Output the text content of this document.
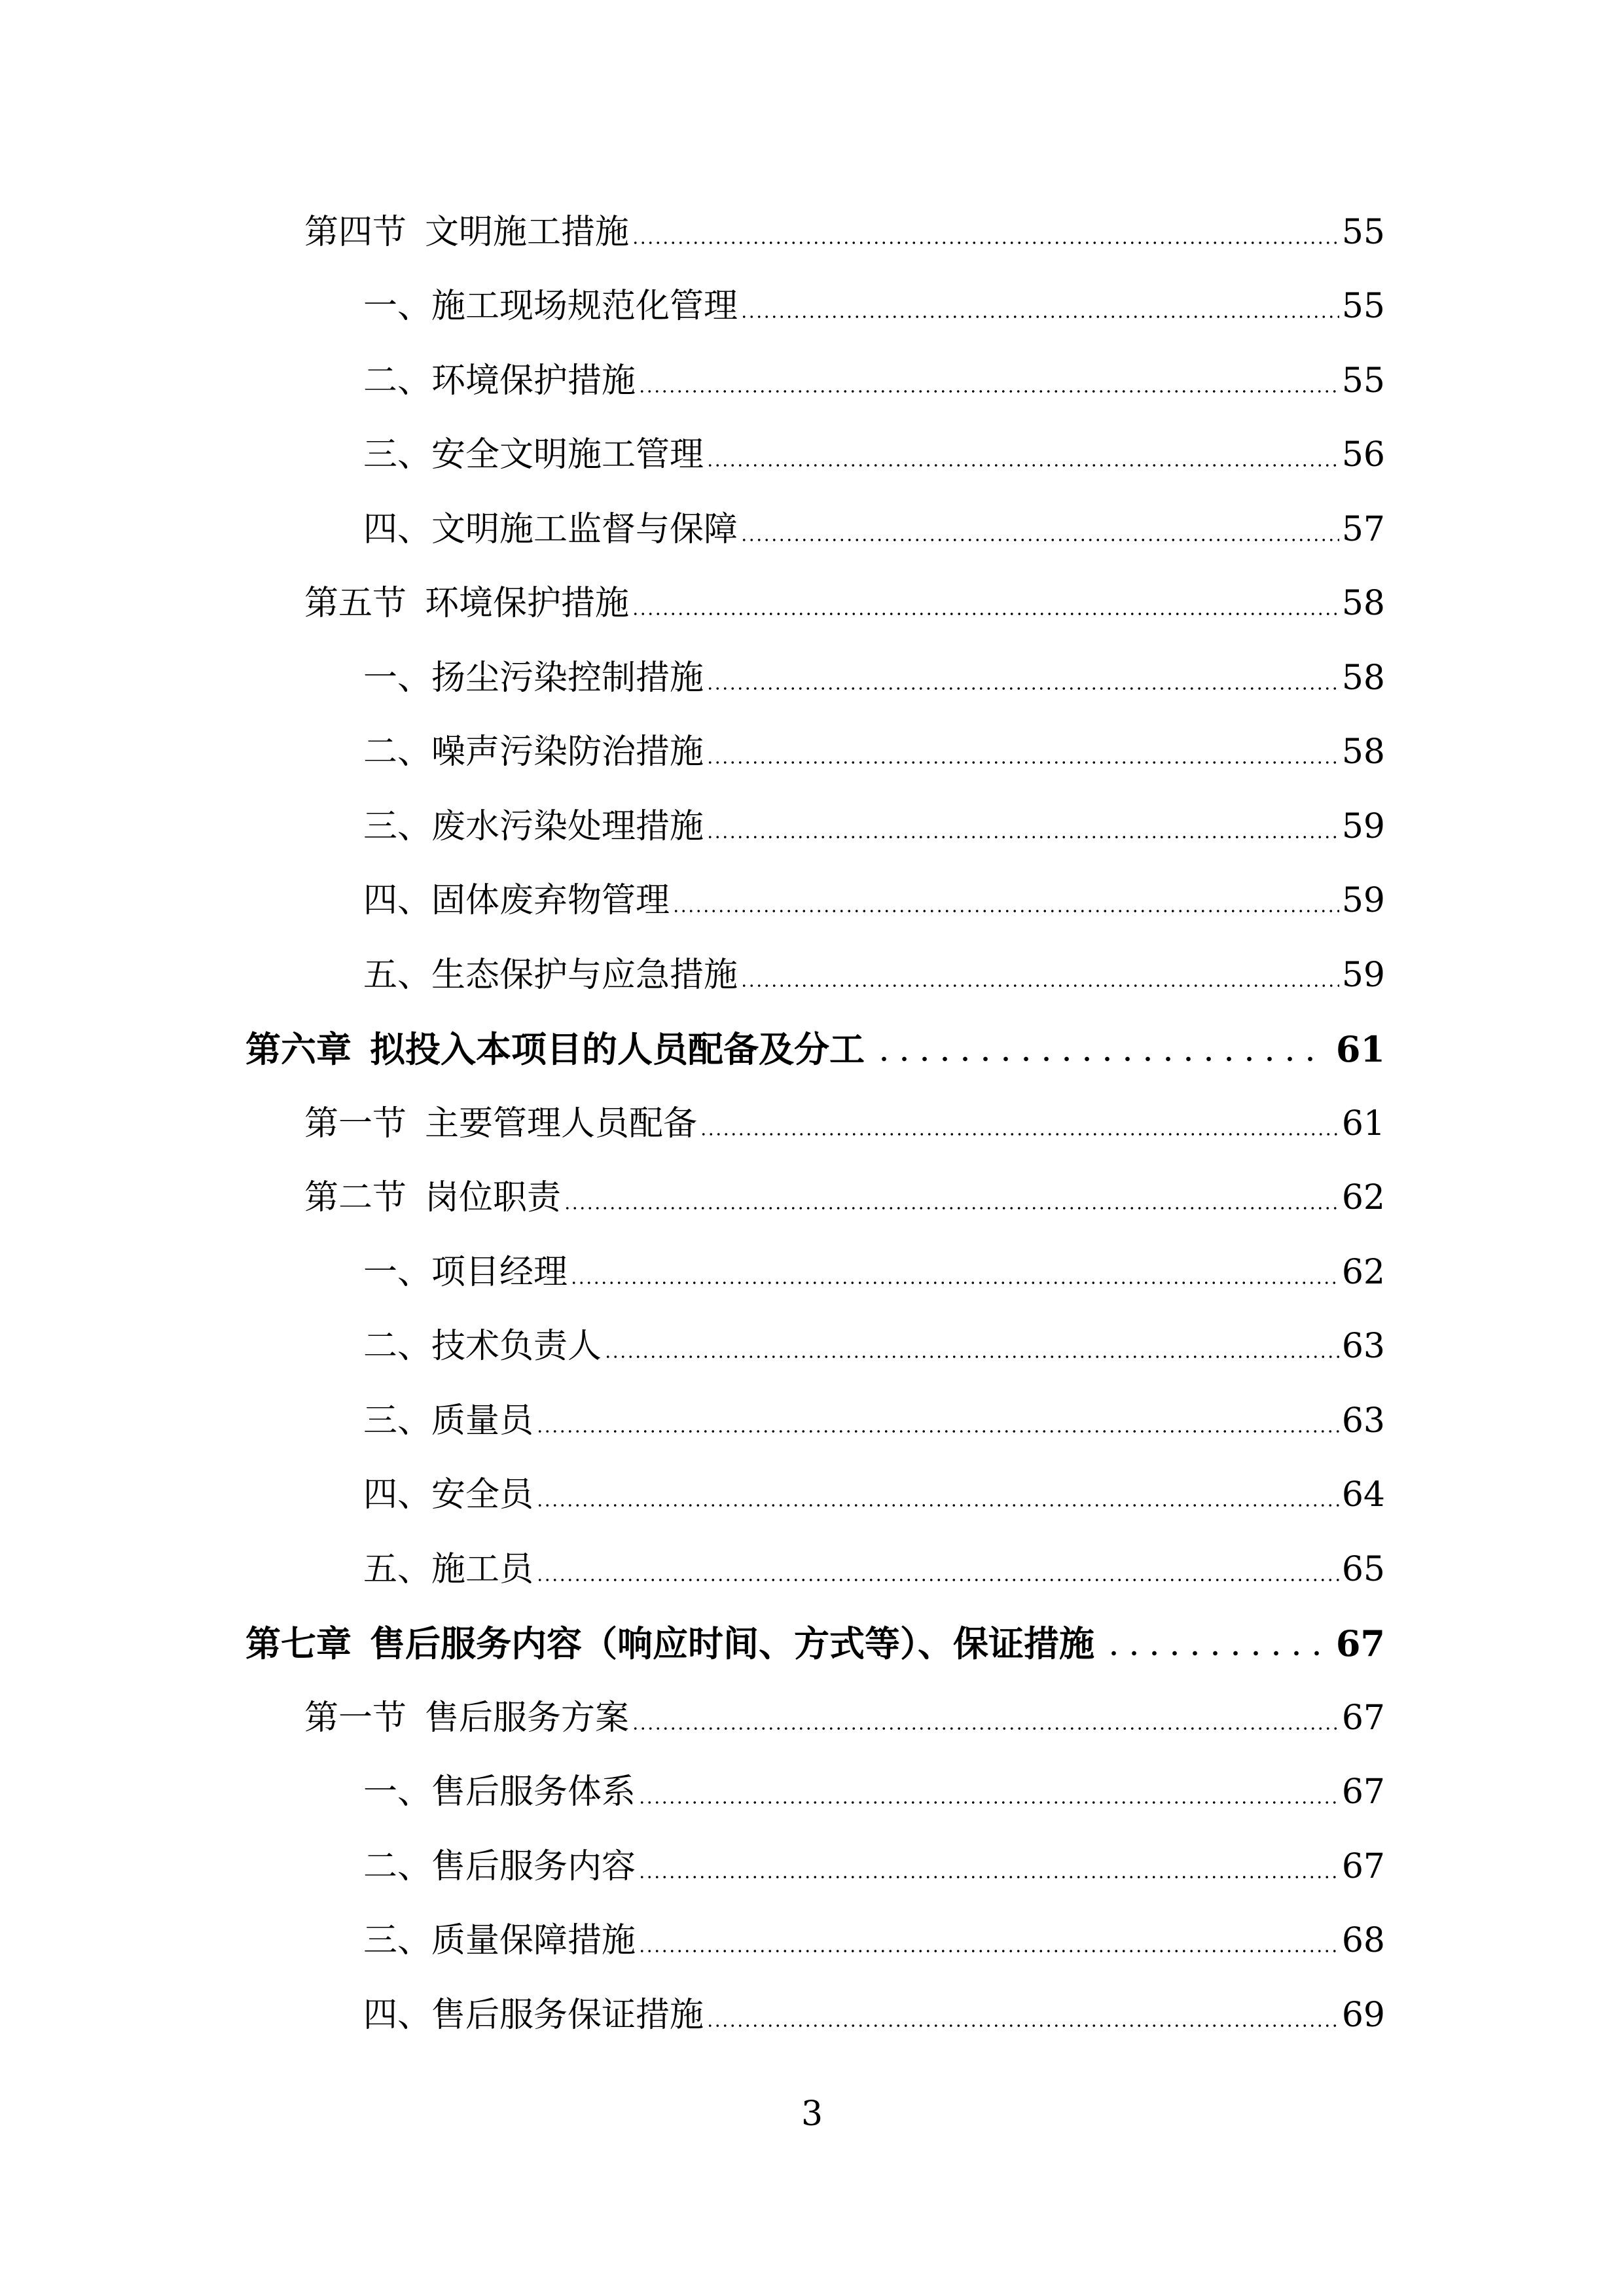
第四节 文明施工措施	55
一、施工现场规范化管理	55
二、环境保护措施	55
三、安全文明施工管理	56
四、文明施工监督与保障	57
第五节 环境保护措施	58
一、扬尘污染控制措施	58
二、噪声污染防治措施	58
三、废水污染处理措施	59
四、固体废弃物管理	59
五、生态保护与应急措施	59
第六章 拟投入本项目的人员配备及分工	61
第一节 主要管理人员配备	61
第二节 岗位职责	62
一、项目经理	62
二、技术负责人	63
三、质量员	63
四、安全员	64
五、施工员	65
第七章 售后服务内容（响应时间、方式等）、保证措施	67
第一节 售后服务方案	67
一、售后服务体系	67
二、售后服务内容	67
三、质量保障措施	68
四、售后服务保证措施	69
3
